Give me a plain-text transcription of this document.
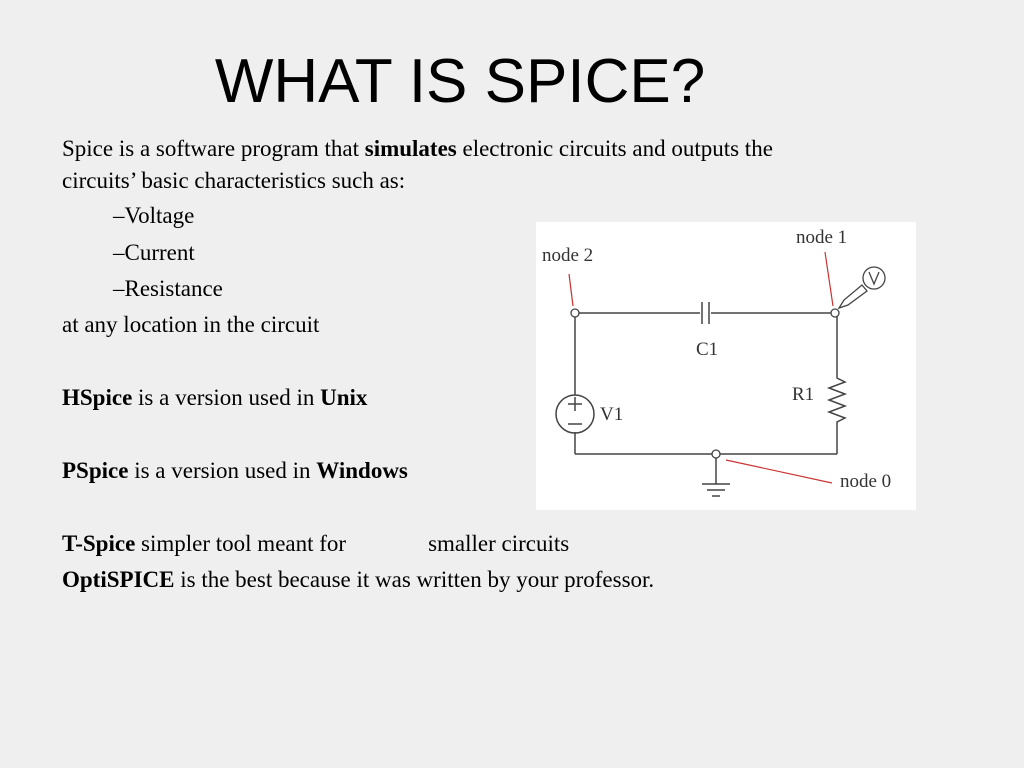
WHAT IS SPICE?
Spice is a software program that simulates electronic circuits and outputs the
circuits’ basic characteristics such as:
–Voltage
–Current
–Resistance
at any location in the circuit
HSpice is a version used in Unix
PSpice is a version used in Windows
T-Spice simpler tool meant for	smaller circuits
OptiSPICE is the best because it was written by your professor.
node 2
node 1
node 0
C1
R1
V1
